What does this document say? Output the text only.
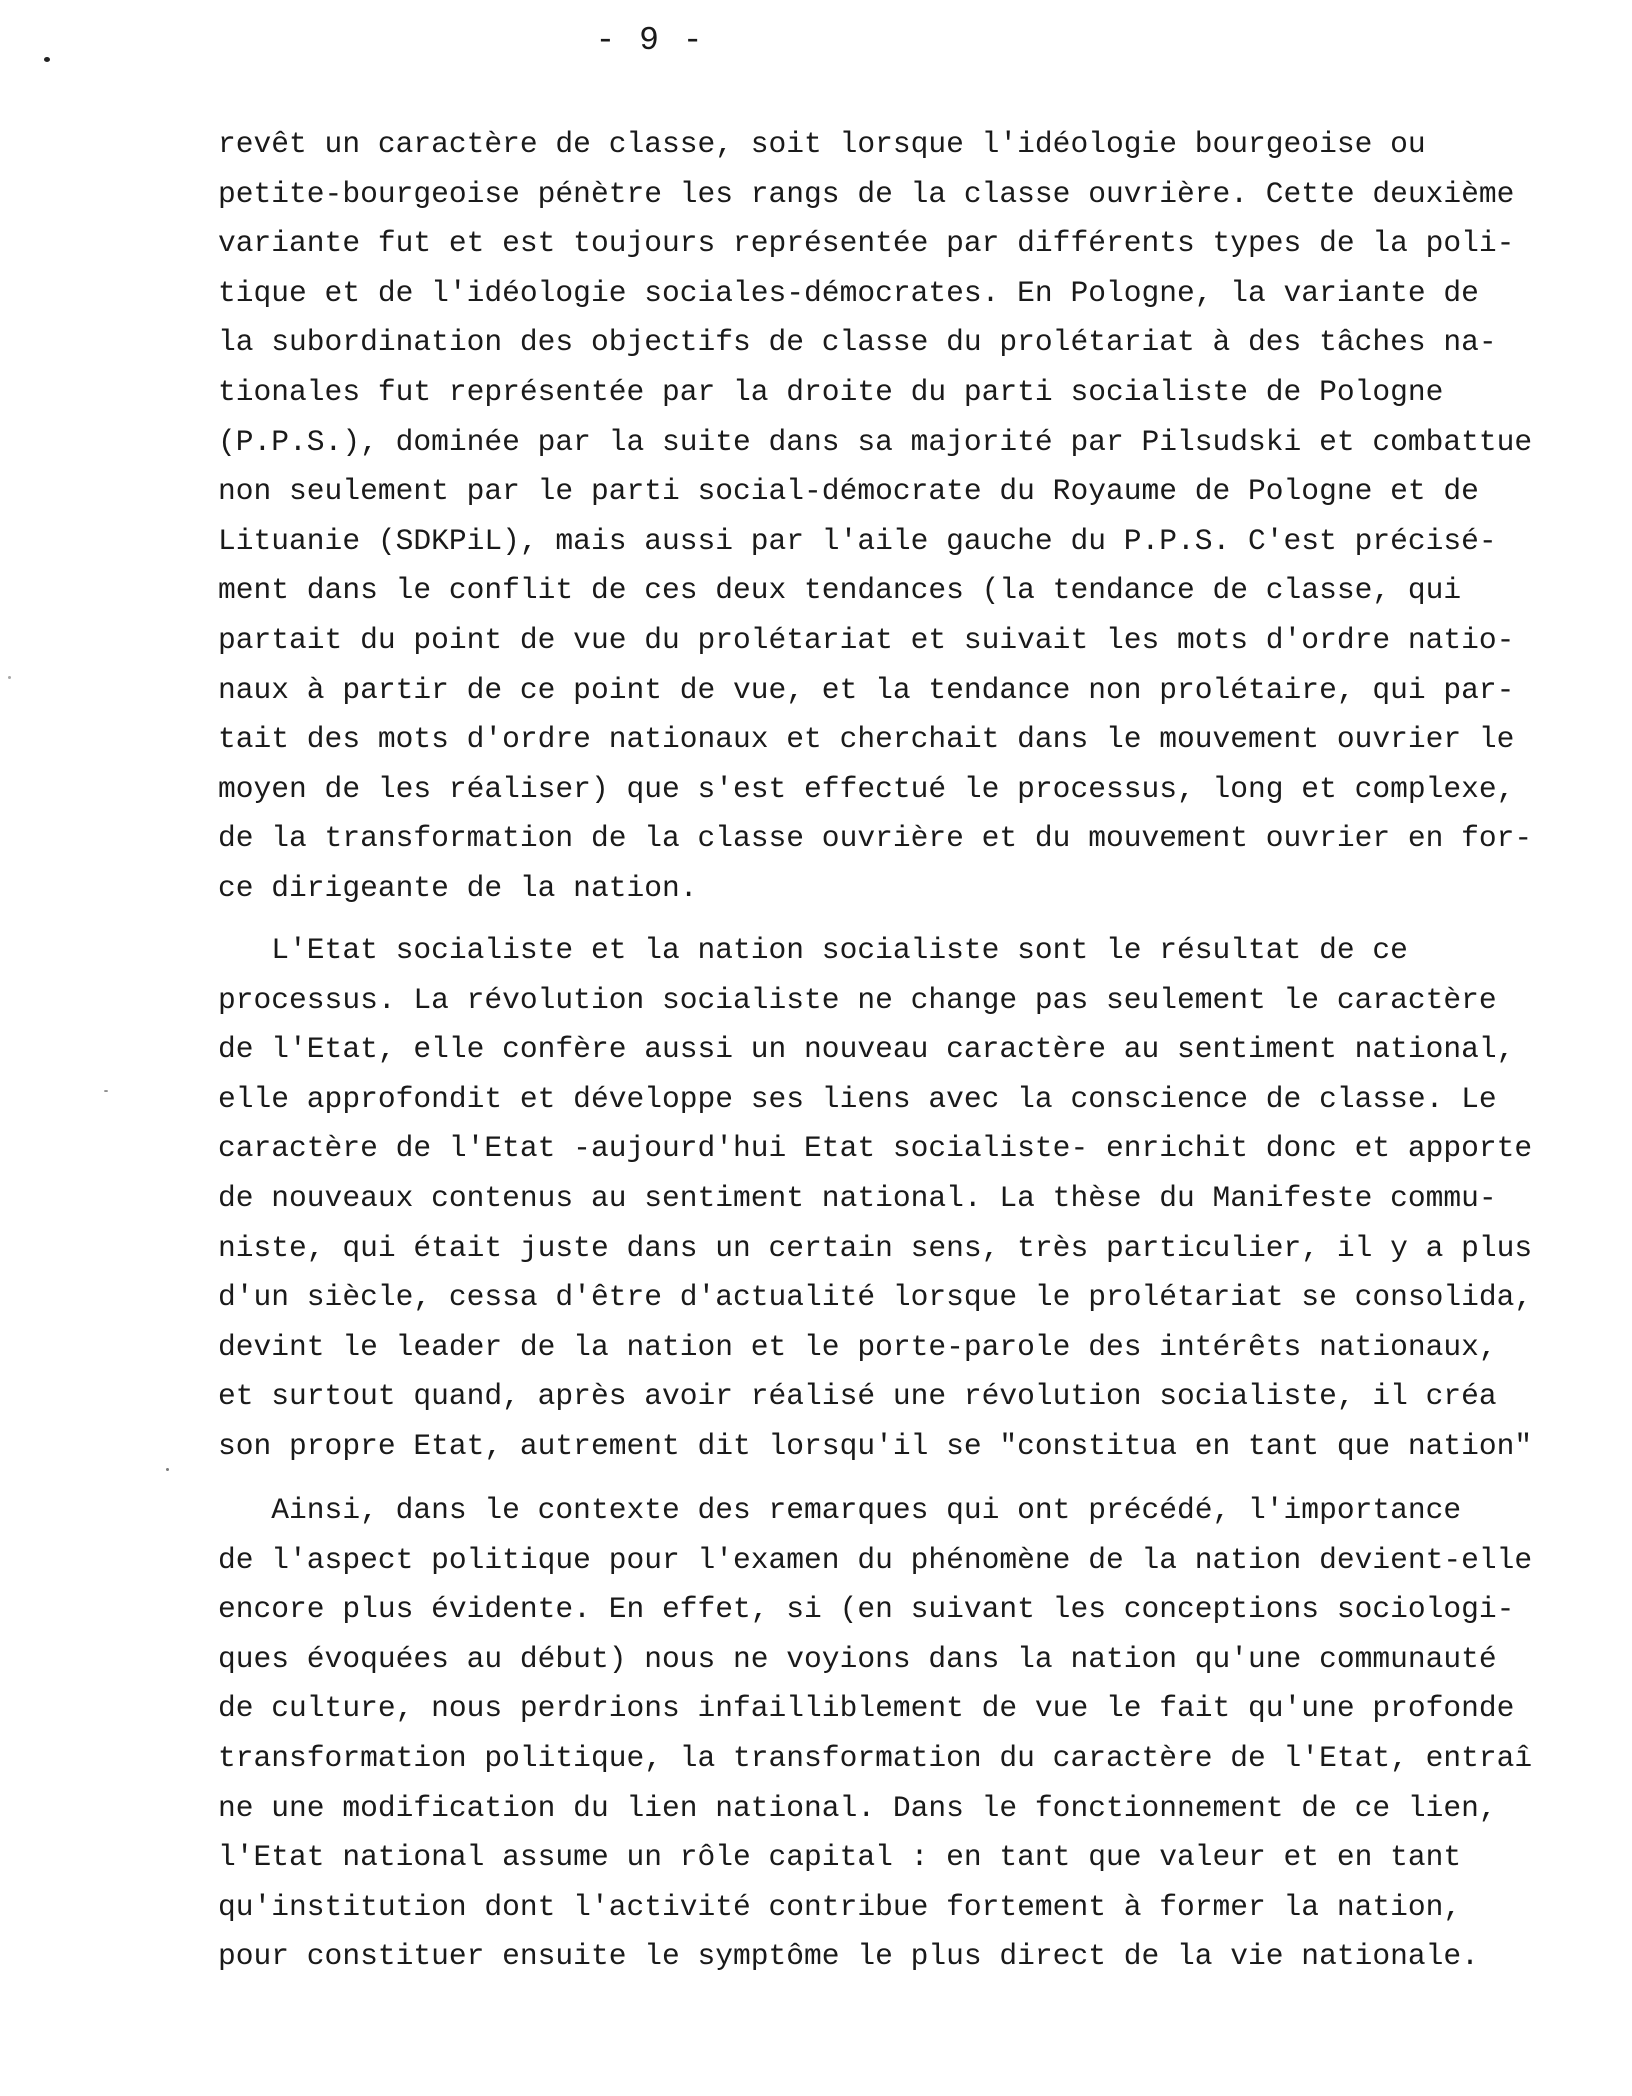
- 9 -

revêt un caractère de classe, soit lorsque l'idéologie bourgeoise ou
petite-bourgeoise pénètre les rangs de la classe ouvrière. Cette deuxième
variante fut et est toujours représentée par différents types de la poli-
tique et de l'idéologie sociales-démocrates. En Pologne, la variante de
la subordination des objectifs de classe du prolétariat à des tâches na-
tionales fut représentée par la droite du parti socialiste de Pologne
(P.P.S.), dominée par la suite dans sa majorité par Pilsudski et combattue
non seulement par le parti social-démocrate du Royaume de Pologne et de
Lituanie (SDKPiL), mais aussi par l'aile gauche du P.P.S. C'est précisé-
ment dans le conflit de ces deux tendances (la tendance de classe, qui
partait du point de vue du prolétariat et suivait les mots d'ordre natio-
naux à partir de ce point de vue, et la tendance non prolétaire, qui par-
tait des mots d'ordre nationaux et cherchait dans le mouvement ouvrier le
moyen de les réaliser) que s'est effectué le processus, long et complexe,
de la transformation de la classe ouvrière et du mouvement ouvrier en for-
ce dirigeante de la nation.

L'Etat socialiste et la nation socialiste sont le résultat de ce
processus. La révolution socialiste ne change pas seulement le caractère
de l'Etat, elle confère aussi un nouveau caractère au sentiment national,
elle approfondit et développe ses liens avec la conscience de classe. Le
caractère de l'Etat -aujourd'hui Etat socialiste- enrichit donc et apporte
de nouveaux contenus au sentiment national. La thèse du Manifeste commu-
niste, qui était juste dans un certain sens, très particulier, il y a plus
d'un siècle, cessa d'être d'actualité lorsque le prolétariat se consolida,
devint le leader de la nation et le porte-parole des intérêts nationaux,
et surtout quand, après avoir réalisé une révolution socialiste, il créa
son propre Etat, autrement dit lorsqu'il se "constitua en tant que nation"

Ainsi, dans le contexte des remarques qui ont précédé, l'importance
de l'aspect politique pour l'examen du phénomène de la nation devient-elle
encore plus évidente. En effet, si (en suivant les conceptions sociologi-
ques évoquées au début) nous ne voyions dans la nation qu'une communauté
de culture, nous perdrions infailliblement de vue le fait qu'une profonde
transformation politique, la transformation du caractère de l'Etat, entraî
ne une modification du lien national. Dans le fonctionnement de ce lien,
l'Etat national assume un rôle capital : en tant que valeur et en tant
qu'institution dont l'activité contribue fortement à former la nation,
pour constituer ensuite le symptôme le plus direct de la vie nationale.
